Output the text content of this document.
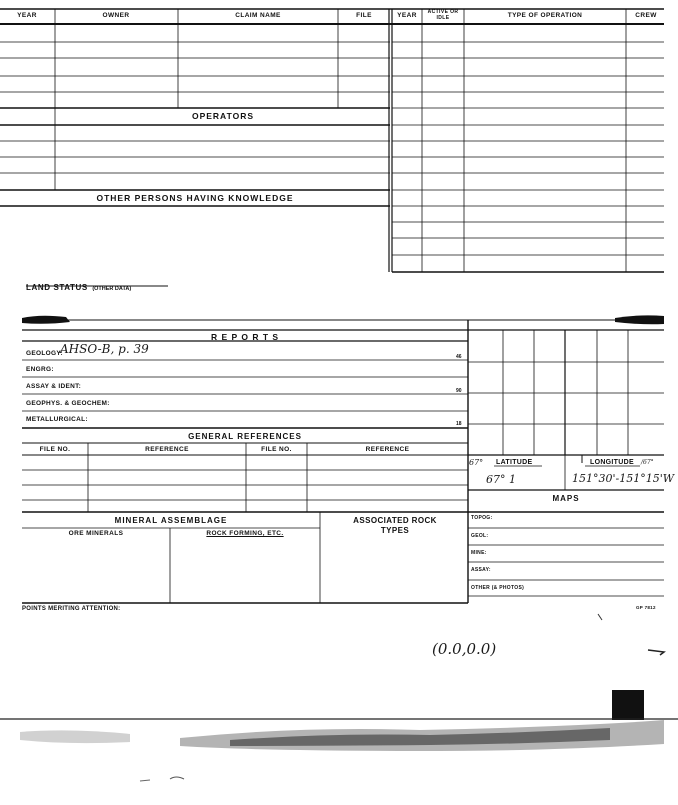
YEAR	OWNER	CLAIM NAME	FILE
OPERATORS
OTHER PERSONS HAVING KNOWLEDGE
YEAR	ACTIVE OR IDLE	TYPE OF OPERATION	CREW
LAND STATUS (OTHER DATA)
R E P O R T S
GEOLOGY:
AHSO-B, p. 39
46
ENGRG:
ASSAY & IDENT:
90
GEOPHYS. & GEOCHEM:
METALLURGICAL:
18
GENERAL REFERENCES
FILE NO.	REFERENCE	FILE NO.	REFERENCE
MINERAL ASSEMBLAGE
ORE MINERALS	ROCK FORMING, ETC.
ASSOCIATED ROCK TYPES
67° LATITUDE	LONGITUDE /67°
67° 1	151°30'-151°15'W
MAPS
TOPOG:
GEOL:
MINE:
ASSAY:
OTHER (& PHOTOS)
POINTS MERITING ATTENTION:	GP 7812
(0.0,0.0)
